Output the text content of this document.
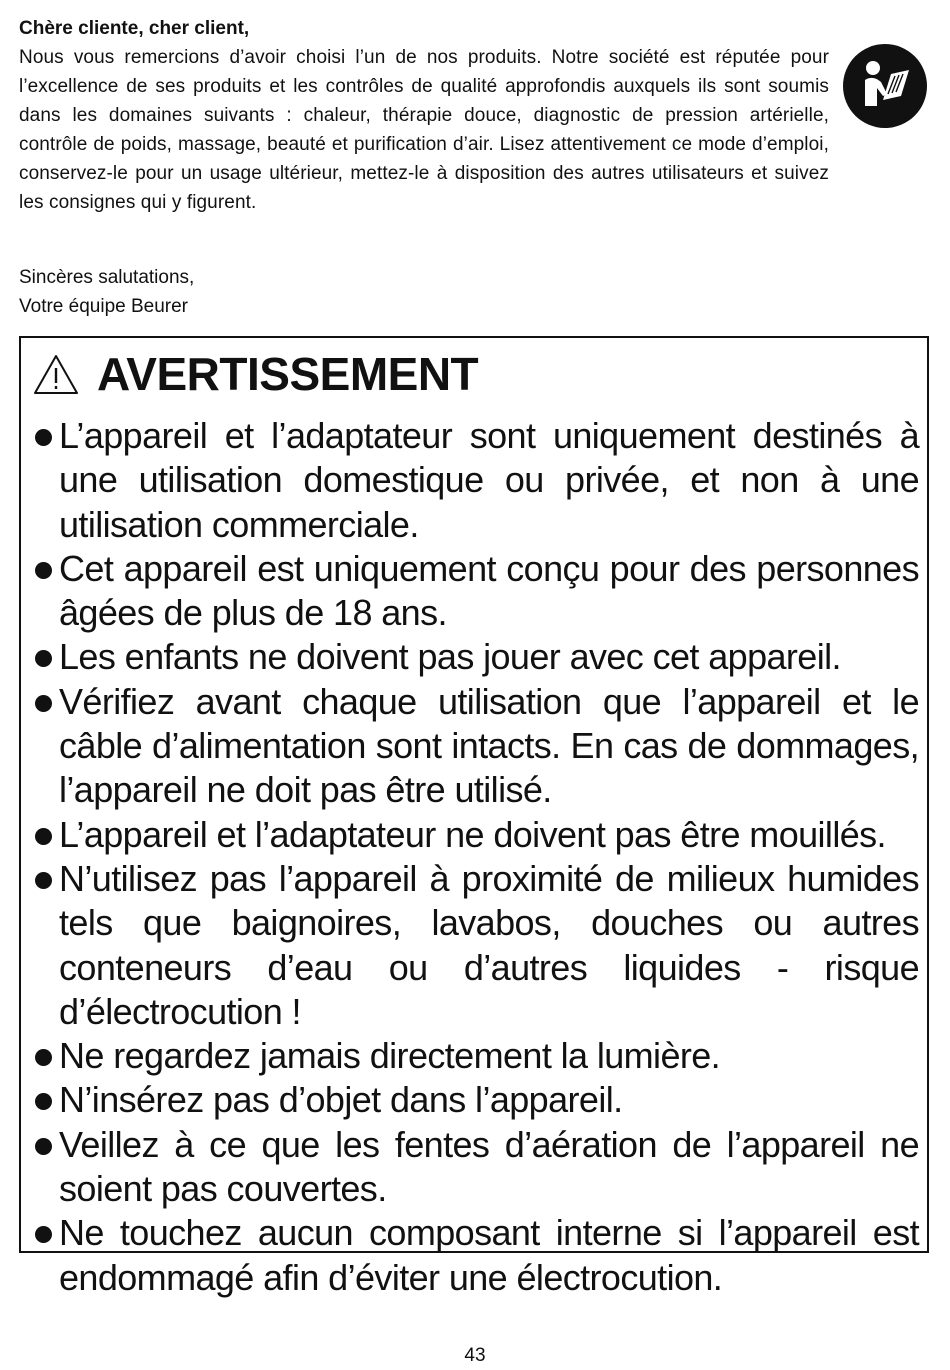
Chère cliente, cher client,

Nous vous remercions d’avoir choisi l’un de nos produits. Notre société est réputée pour l’excellence de ses produits et les contrôles de qualité approfondis auxquels ils sont soumis dans les domaines suivants : chaleur, thérapie douce, diagnostic de pression artérielle, contrôle de poids, massage, beauté et purification d’air. Lisez attentivement ce mode d’emploi, conservez-le pour un usage ultérieur, mettez-le à disposition des autres utilisateurs et suivez les consignes qui y figurent.

Sincères salutations,
Votre équipe Beurer
AVERTISSEMENT
L’appareil et l’adaptateur sont uniquement destinés à une utilisation domestique ou privée, et non à une utilisation commerciale.
Cet appareil est uniquement conçu pour des personnes âgées de plus de 18 ans.
Les enfants ne doivent pas jouer avec cet appareil.
Vérifiez avant chaque utilisation que l’appareil et le câble d’alimentation sont intacts. En cas de dommages, l’appareil ne doit pas être utilisé.
L’appareil et l’adaptateur ne doivent pas être mouillés.
N’utilisez pas l’appareil à proximité de milieux humides tels que baignoires, lavabos, douches ou autres conteneurs d’eau ou d’autres liquides - risque d’électrocution !
Ne regardez jamais directement la lumière.
N’insérez pas d’objet dans l’appareil.
Veillez à ce que les fentes d’aération de l’appareil ne soient pas couvertes.
Ne touchez aucun composant interne si l’appareil est endommagé afin d’éviter une électrocution.
43
